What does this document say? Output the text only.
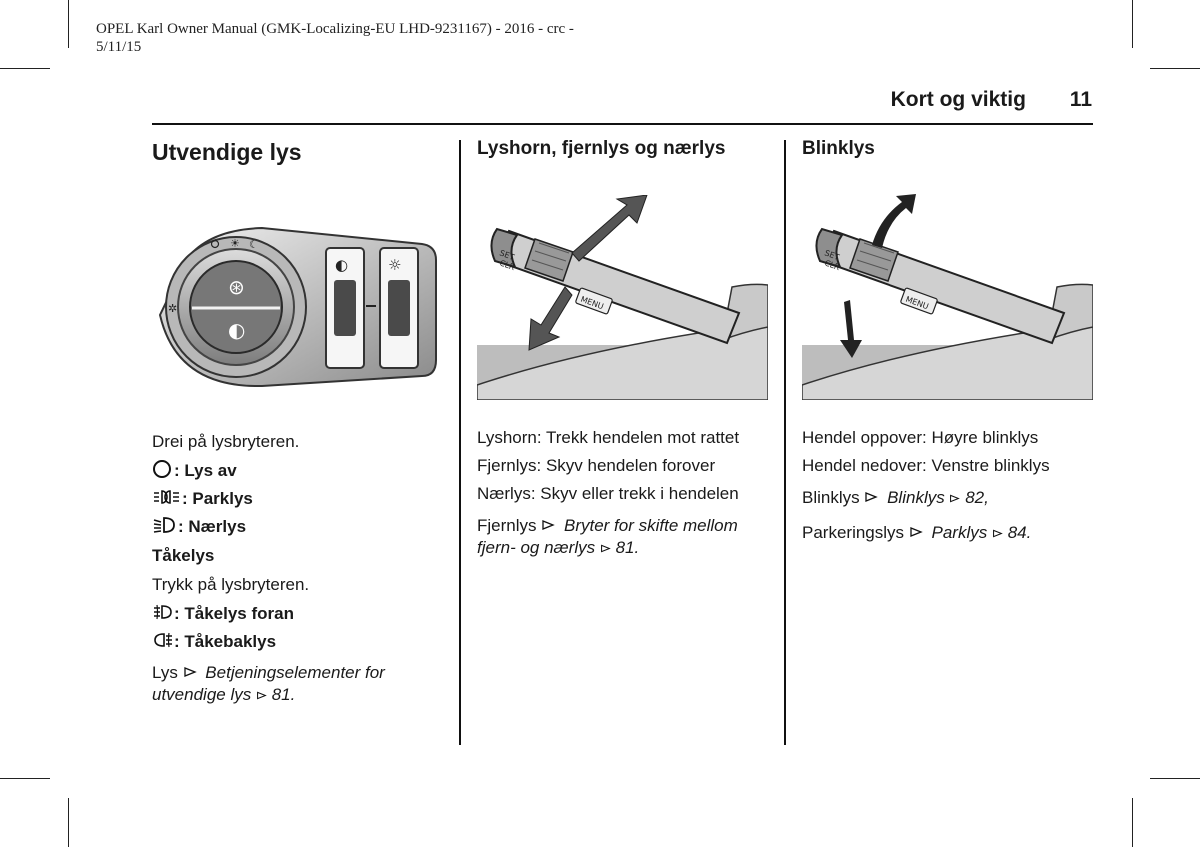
OPEL Karl Owner Manual (GMK-Localizing-EU LHD-9231167) - 2016 - crc -
5/11/15
Kort og viktig 11
Utvendige lys
⊛
◐
☀ ☾
✲
◐	☼
Drei på lysbryteren.
: Lys av
: Parklys
: Nærlys
Tåkelys
Trykk på lysbryteren.
: Tåkelys foran
: Tåkebaklys
Lys Betjeningselementer for
utvendige lys 81.
Lyshorn, fjernlys og nærlys
SET
CLR
MENU
Lyshorn: Trekk hendelen mot rattet
Fjernlys: Skyv hendelen forover
Nærlys: Skyv eller trekk i hendelen
Fjernlys Bryter for skifte mellom
fjern- og nærlys 81.
Blinklys
SET
CLR
MENU
Hendel oppover: Høyre blinklys
Hendel nedover: Venstre blinklys
Blinklys Blinklys 82,
Parkeringslys Parklys 84.
